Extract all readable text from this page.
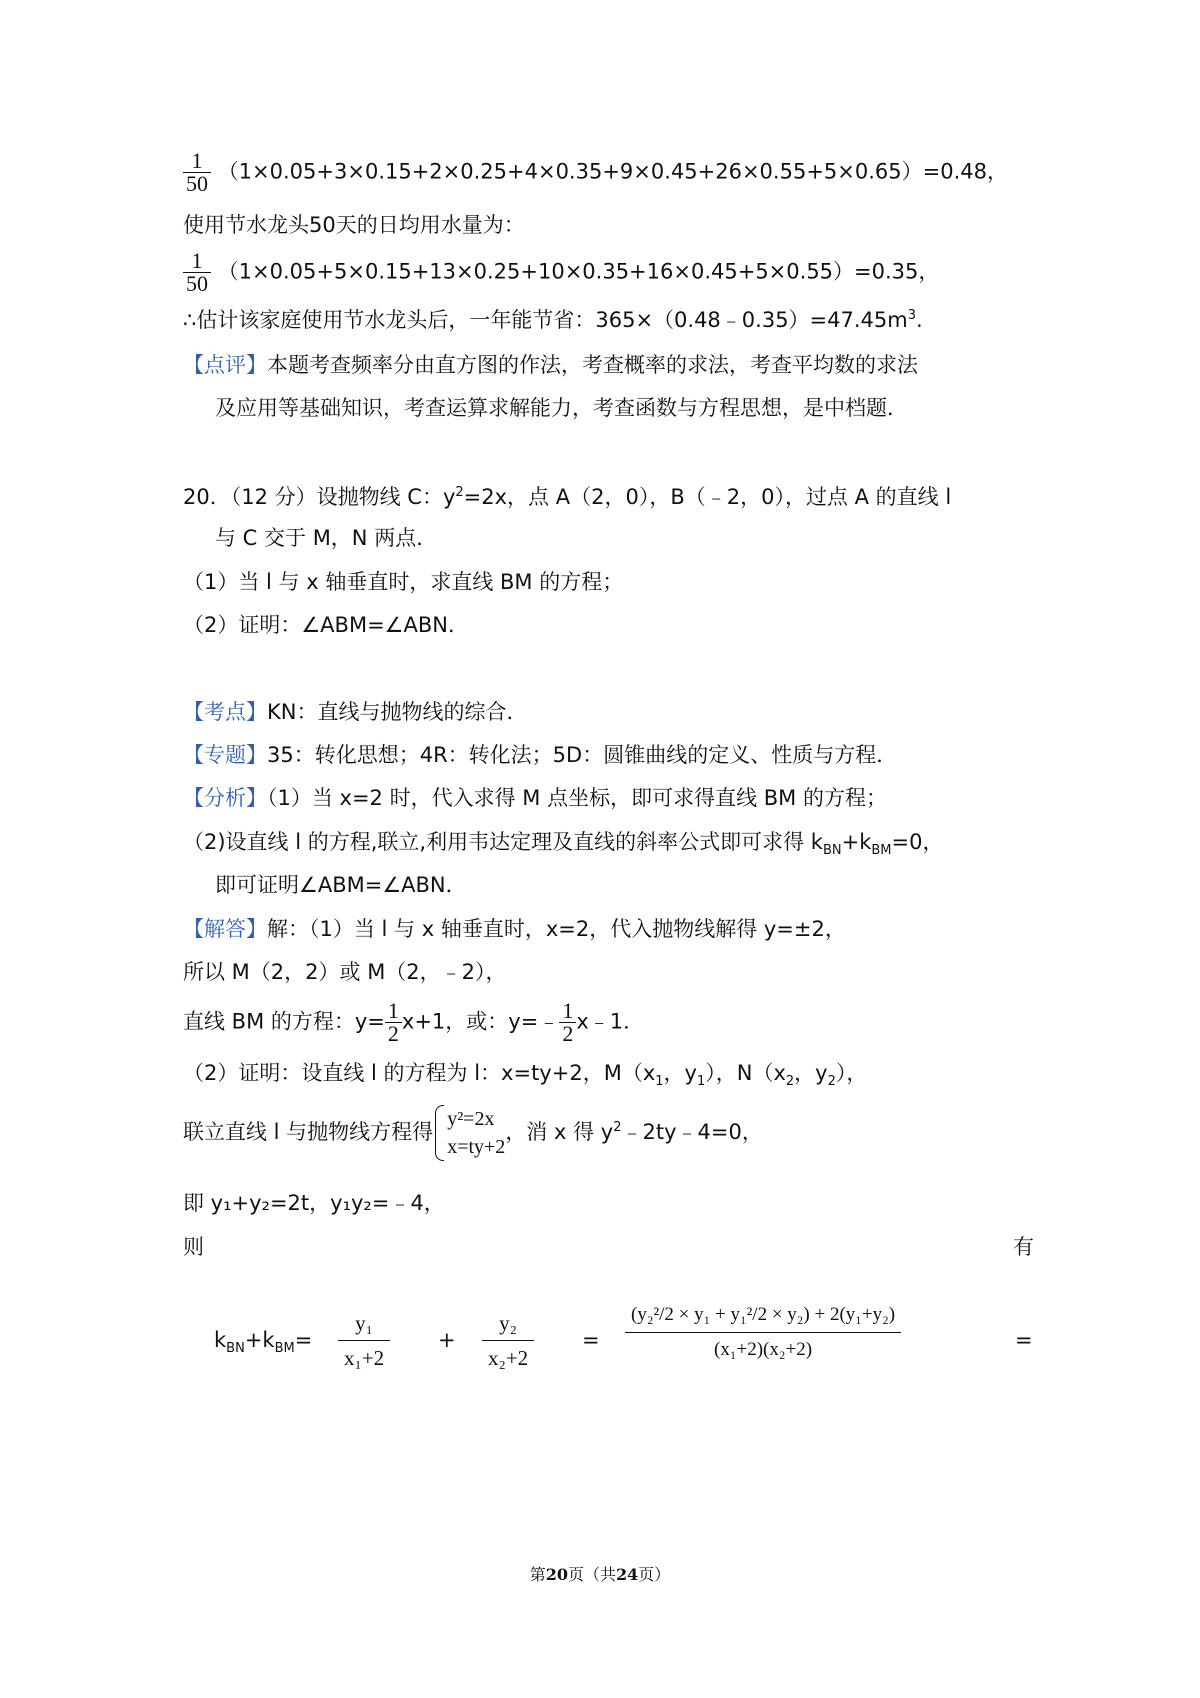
$\frac{1}{50} (1\times 0.05+3\times 0.15+2\times 0.25+4\times 0.35+9\times 0.45+26\times 0.55+5\times 0.65)=0.48$，
使用节水龙头50天的日均用水量为：
$\frac{1}{50} (1\times 0.05+5\times 0.15+13\times 0.25+10\times 0.35+16\times 0.45+5\times 0.55)=0.35$，
∴估计该家庭使用节水龙头后，一年能节省：$365\times(0.48﹣0.35)=47.45m^3$.
【点评】本题考查频率分由直方图的作法，考查概率的求法，考查平均数的求法
及应用等基础知识，考查运算求解能力，考查函数与方程思想，是中档题．
20．（12 分）设抛物线 C：$y^2=2x$，点 A（2，0），B（﹣2，0），过点 A 的直线 l
与 C 交于 M，N 两点．
（1）当 l 与 x 轴垂直时，求直线 BM 的方程；
（2）证明：∠ABM=∠ABN．
【考点】KN：直线与抛物线的综合．
【专题】35：转化思想；4R：转化法；5D：圆锥曲线的定义、性质与方程．
【分析】（1）当 x=2 时，代入求得 M 点坐标，即可求得直线 BM 的方程；
（2)设直线 l 的方程,联立,利用韦达定理及直线的斜率公式即可求得 $k_{BN}+k_{BM}=0$，
即可证明∠ABM=∠ABN．
【解答】解：（1）当 l 与 x 轴垂直时，x=2，代入抛物线解得 y=±2，
所以 M（2，2）或 M（2，﹣2），
直线 BM 的方程：$y= \frac{1}{2} x+1$，或：y=﹣ $\frac{1}{2}$ x﹣1．
（2）证明：设直线 l 的方程为 l：x=ty+2，$M(x_1$，$y_1$），$N(x_2$，$y_2$），
联立直线 l 与抛物线方程得
y²=2x
x=ty+2
，消 x 得 $y^2﹣2ty﹣4=0$，
即 y₁+y₂=2t，y₁y₂=﹣4，
则	有
$k_{BN}+k_{BM}= \frac{\text{y₁}}{\text{x₁+2}} + \frac{\text{y₂}}{\text{x₂+2}} = \frac{\text{(y₂²/2 × y₁ + y₁²/2 × y₂) + 2(y₁+y₂)}}{\text{(x₁+2)(x₂+2)}}$	=
第20页（共24页）
